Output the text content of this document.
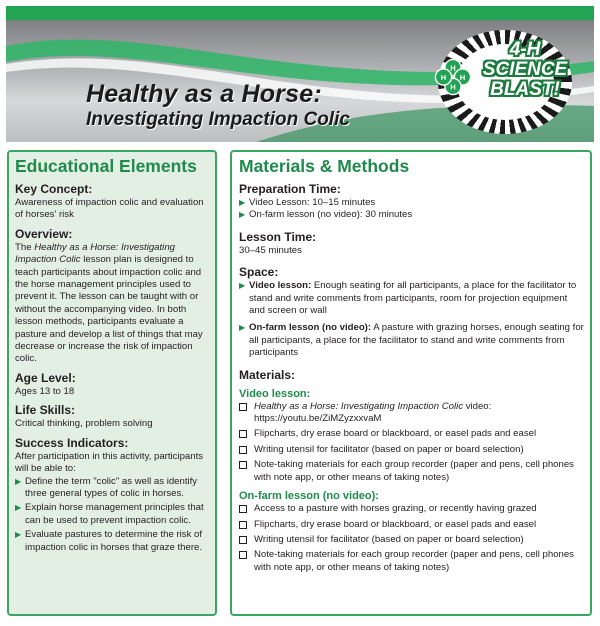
Healthy as a Horse:
Investigating Impaction Colic
H
H
H
H
4-H
SCIENCE
BLAST!
Educational Elements
Key Concept:

Awareness of impaction colic and evaluation of horses' risk

Overview:

The Healthy as a Horse: Investigating Impaction Colic lesson plan is designed to teach participants about impaction colic and the horse management principles used to prevent it. The lesson can be taught with or without the accompanying video. In both lesson methods, participants evaluate a pasture and develop a list of things that may decrease or increase the risk of impaction colic.

Age Level:

Ages 13 to 18

Life Skills:

Critical thinking, problem solving

Success Indicators:

After participation in this activity, participants will be able to:

▶ Define the term "colic" as well as identify three general types of colic in horses.
▶ Explain horse management principles that can be used to prevent impaction colic.
▶ Evaluate pastures to determine the risk of impaction colic in horses that graze there.
Materials & Methods
Preparation Time:
▶ Video Lesson: 10–15 minutes
▶ On-farm lesson (no video): 30 minutes
Lesson Time:

30–45 minutes

Space:
▶ Video lesson: Enough seating for all participants, a place for the facilitator to stand and write comments from participants, room for projection equipment and screen or wall
▶ On-farm lesson (no video): A pasture with grazing horses, enough seating for all participants, a place for the facilitator to stand and write comments from participants
Materials:
Video lesson:
Healthy as a Horse: Investigating Impaction Colic video: https://youtu.be/ZiMZyzxxvaM
Flipcharts, dry erase board or blackboard, or easel pads and easel
Writing utensil for facilitator (based on paper or board selection)
Note-taking materials for each group recorder (paper and pens, cell phones with note app, or other means of taking notes)
On-farm lesson (no video):
Access to a pasture with horses grazing, or recently having grazed
Flipcharts, dry erase board or blackboard, or easel pads and easel
Writing utensil for facilitator (based on paper or board selection)
Note-taking materials for each group recorder (paper and pens, cell phones with note app, or other means of taking notes)
